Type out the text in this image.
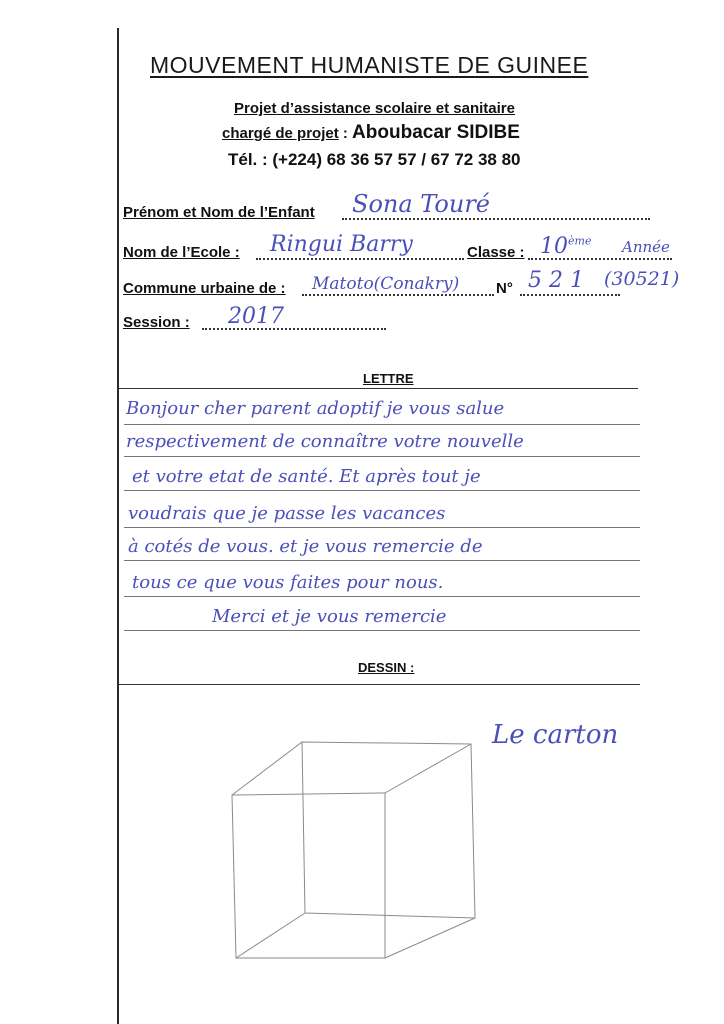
MOUVEMENT HUMANISTE DE GUINEE
Projet d’assistance scolaire et sanitaire
chargé de projet : Aboubacar SIDIBE
Tél. : (+224) 68 36 57 57 / 67 72 38 80
Prénom et Nom de l’Enfant Sona Touré
Nom de l’Ecole : Ringui Barry	Classe : 10ème Année
Commune urbaine de : Matoto(Conakry) N° 5 2 1 (30521)
Session : 2017
LETTRE
Bonjour cher parent adoptif je vous salue
respectivement de connaître votre nouvelle
et votre etat de santé. Et après tout je
voudrais que je passe les vacances
à cotés de vous. et je vous remercie de
tous ce que vous faites pour nous.
Merci et je vous remercie
DESSIN :
Le carton
